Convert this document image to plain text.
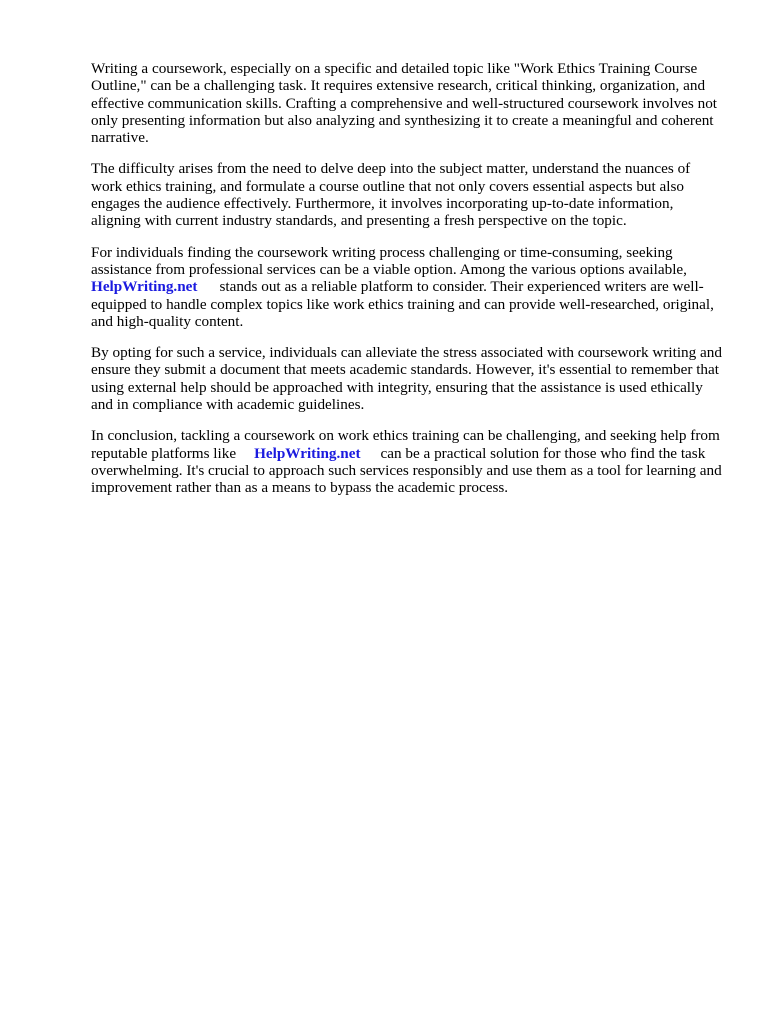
Writing a coursework, especially on a specific and detailed topic like "Work Ethics Training Course Outline," can be a challenging task. It requires extensive research, critical thinking, organization, and effective communication skills. Crafting a comprehensive and well-structured coursework involves not only presenting information but also analyzing and synthesizing it to create a meaningful and coherent narrative.

The difficulty arises from the need to delve deep into the subject matter, understand the nuances of work ethics training, and formulate a course outline that not only covers essential aspects but also engages the audience effectively. Furthermore, it involves incorporating up-to-date information, aligning with current industry standards, and presenting a fresh perspective on the topic.

For individuals finding the coursework writing process challenging or time-consuming, seeking assistance from professional services can be a viable option. Among the various options available,
HelpWriting.net stands out as a reliable platform to consider. Their experienced writers are well-equipped to handle complex topics like work ethics training and can provide well-researched, original, and high-quality content.

By opting for such a service, individuals can alleviate the stress associated with coursework writing and ensure they submit a document that meets academic standards. However, it's essential to remember that using external help should be approached with integrity, ensuring that the assistance is used ethically and in compliance with academic guidelines.

In conclusion, tackling a coursework on work ethics training can be challenging, and seeking help from reputable platforms like HelpWriting.net can be a practical solution for those who find the task overwhelming. It's crucial to approach such services responsibly and use them as a tool for learning and improvement rather than as a means to bypass the academic process.
